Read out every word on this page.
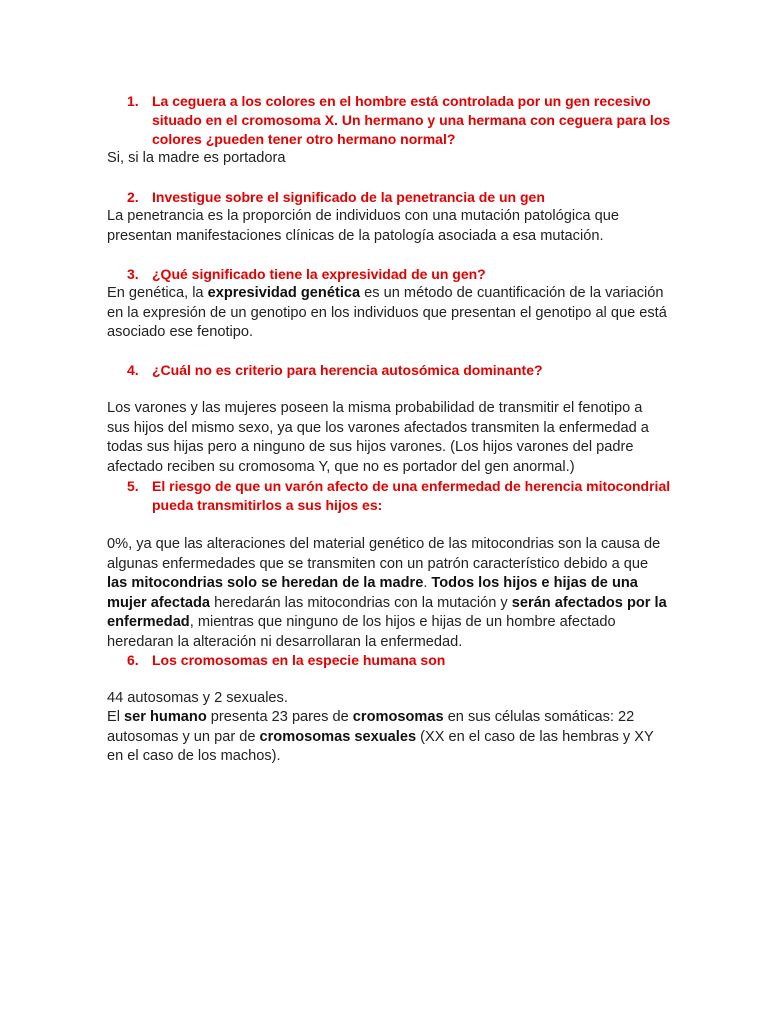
1. La ceguera a los colores en el hombre está controlada por un gen recesivo situado en el cromosoma X. Un hermano y una hermana con ceguera para los colores ¿pueden tener otro hermano normal?

Si, si la madre es portadora

2. Investigue sobre el significado de la penetrancia de un gen

La penetrancia es la proporción de individuos con una mutación patológica que presentan manifestaciones clínicas de la patología asociada a esa mutación.

3. ¿Qué significado tiene la expresividad de un gen?

En genética, la expresividad genética es un método de cuantificación de la variación en la expresión de un genotipo en los individuos que presentan el genotipo al que está asociado ese fenotipo.

4. ¿Cuál no es criterio para herencia autosómica dominante?

Los varones y las mujeres poseen la misma probabilidad de transmitir el fenotipo a sus hijos del mismo sexo, ya que los varones afectados transmiten la enfermedad a todas sus hijas pero a ninguno de sus hijos varones. (Los hijos varones del padre afectado reciben su cromosoma Y, que no es portador del gen anormal.)

5. El riesgo de que un varón afecto de una enfermedad de herencia mitocondrial pueda transmitirlos a sus hijos es:

0%, ya que las alteraciones del material genético de las mitocondrias son la causa de algunas enfermedades que se transmiten con un patrón característico debido a que las mitocondrias solo se heredan de la madre. Todos los hijos e hijas de una mujer afectada heredarán las mitocondrias con la mutación y serán afectados por la enfermedad, mientras que ninguno de los hijos e hijas de un hombre afectado heredaran la alteración ni desarrollaran la enfermedad.

6. Los cromosomas en la especie humana son

44 autosomas y 2 sexuales.

El ser humano presenta 23 pares de cromosomas en sus células somáticas: 22 autosomas y un par de cromosomas sexuales (XX en el caso de las hembras y XY en el caso de los machos).
